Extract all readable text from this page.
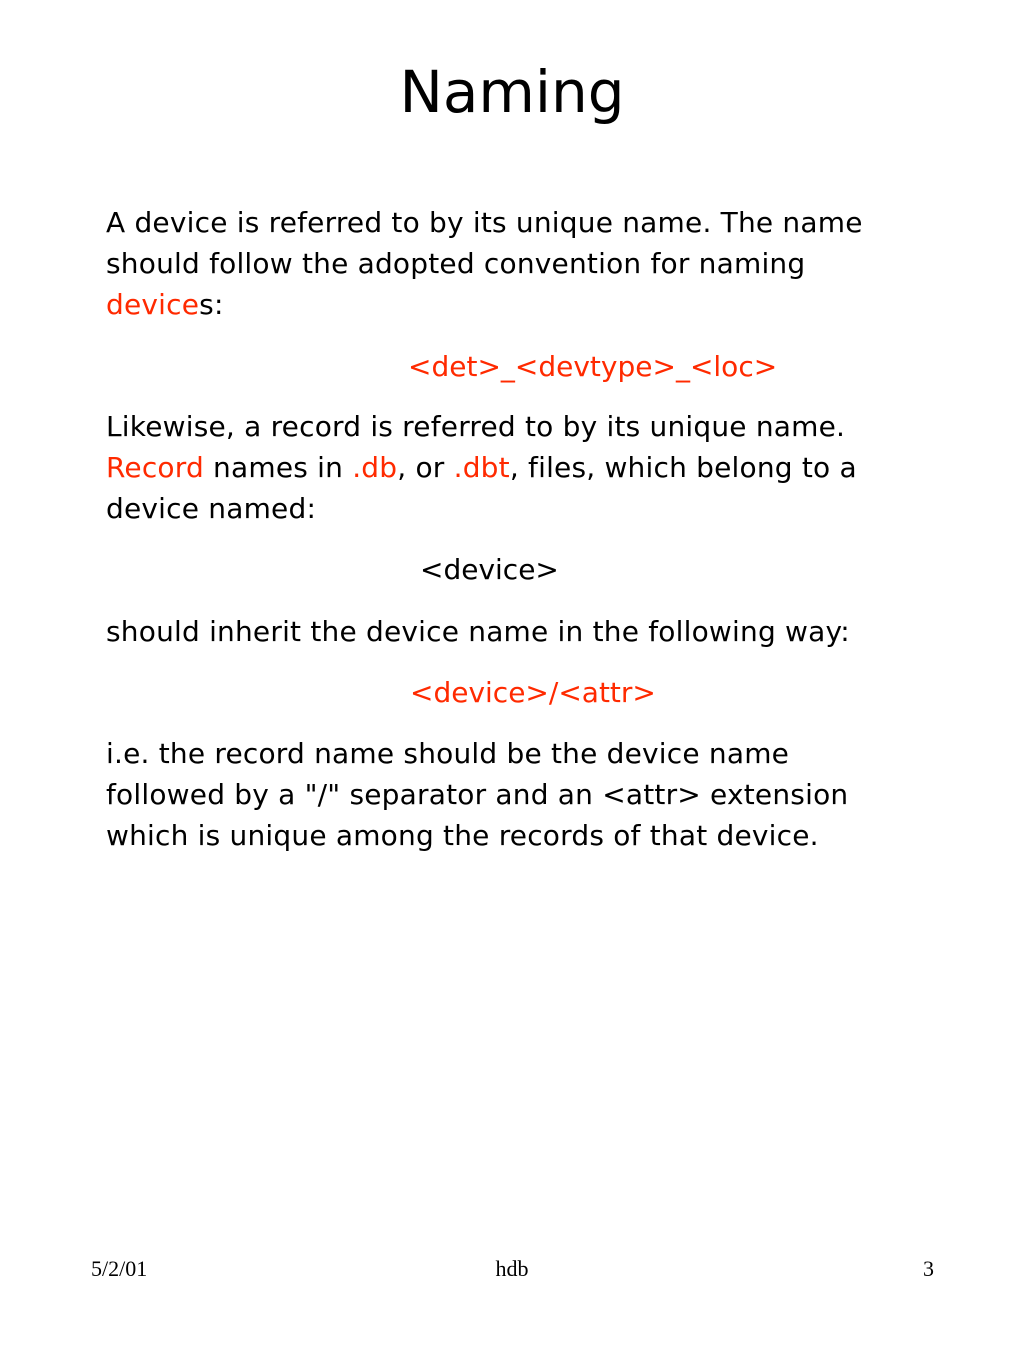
Naming
A device is referred to by its unique name. The name
should follow the adopted convention for naming
devices:
<det>_<devtype>_<loc>
Likewise, a record is referred to by its unique name.
Record names in .db, or .dbt, files, which belong to a
device named:
<device>
should inherit the device name in the following way:
<device>/<attr>
i.e. the record name should be the device name
followed by a "/" separator and an <attr> extension
which is unique among the records of that device.
5/2/01	hdb	3
